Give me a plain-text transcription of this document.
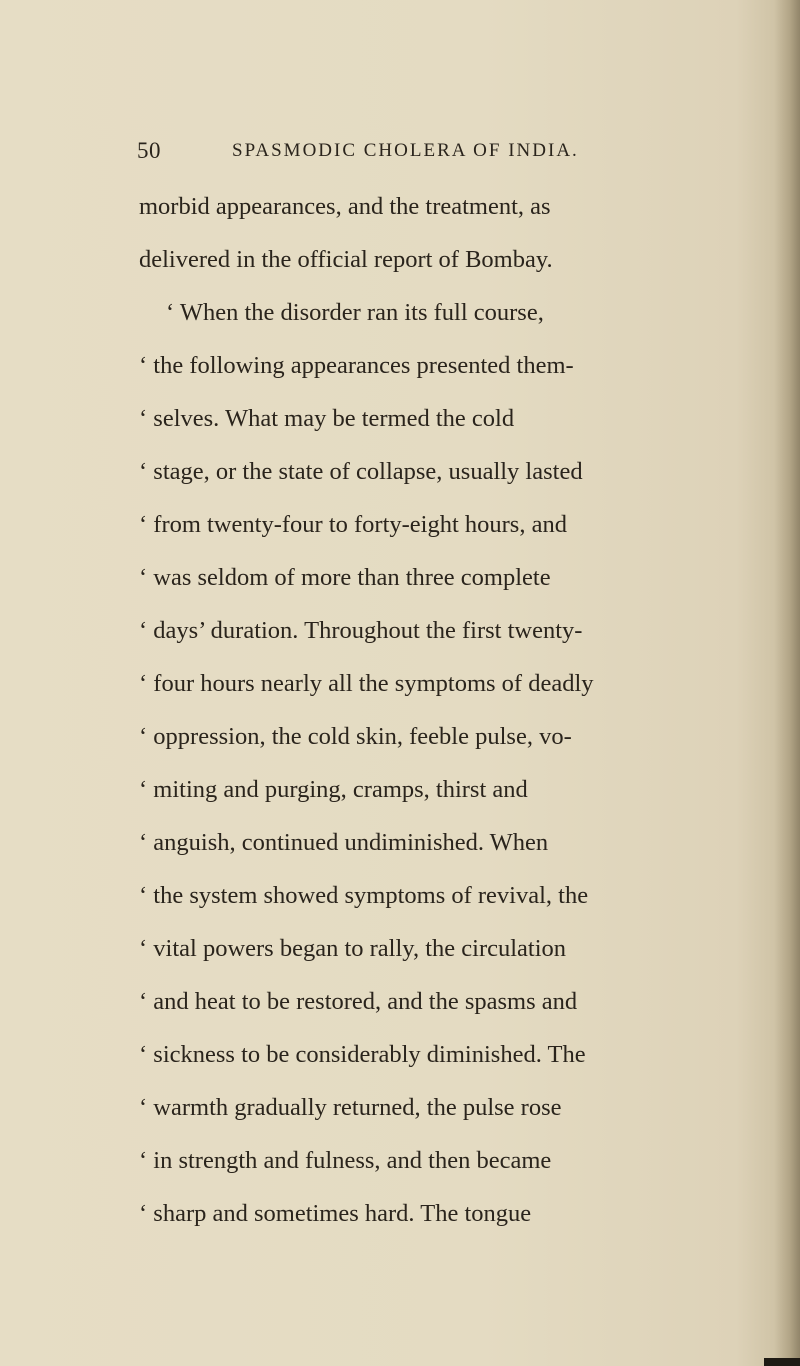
50	SPASMODIC CHOLERA OF INDIA.
morbid appearances, and the treatment, as
delivered in the official report of Bombay.
‘ When the disorder ran its full course,
‘ the following appearances presented them-
‘ selves. What may be termed the cold
‘ stage, or the state of collapse, usually lasted
‘ from twenty-four to forty-eight hours, and
‘ was seldom of more than three complete
‘ days’ duration. Throughout the first twenty-
‘ four hours nearly all the symptoms of deadly
‘ oppression, the cold skin, feeble pulse, vo-
‘ miting and purging, cramps, thirst and
‘ anguish, continued undiminished. When
‘ the system showed symptoms of revival, the
‘ vital powers began to rally, the circulation
‘ and heat to be restored, and the spasms and
‘ sickness to be considerably diminished. The
‘ warmth gradually returned, the pulse rose
‘ in strength and fulness, and then became
‘ sharp and sometimes hard. The tongue
